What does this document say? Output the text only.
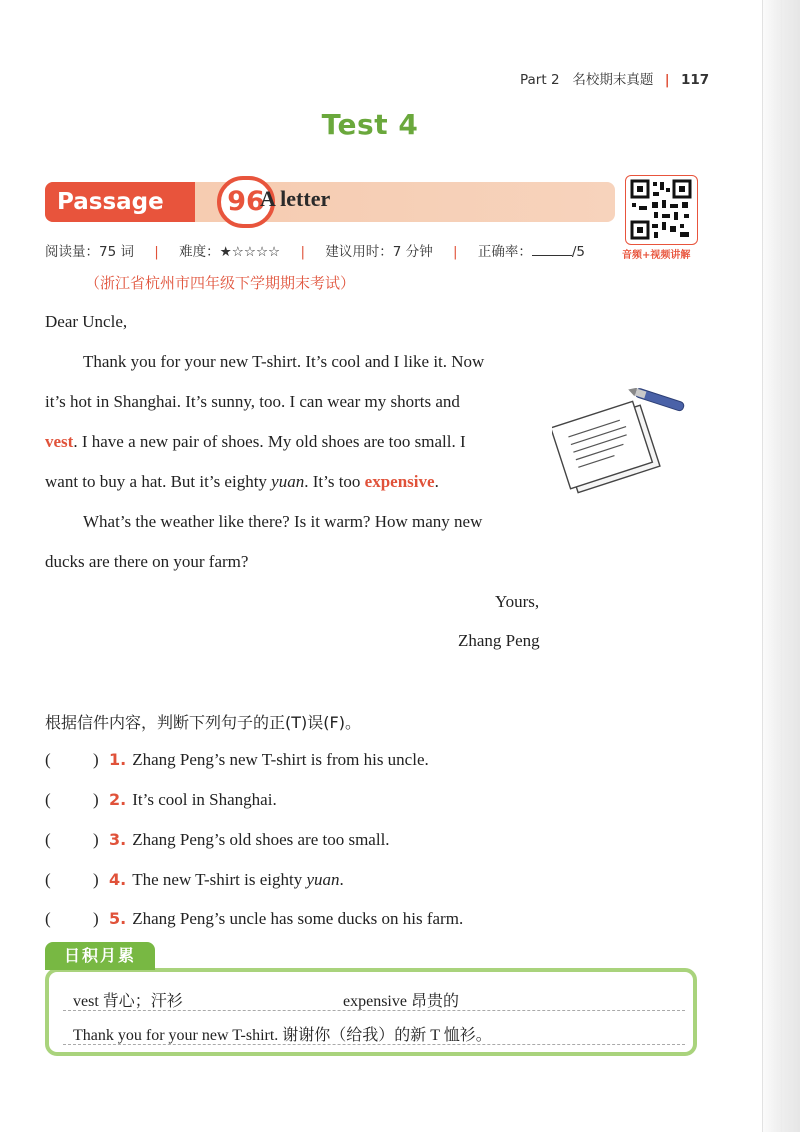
Part 2 名校期末真题 | 117
Test 4
Passage	96
A letter
音频+视频讲解
阅读量：75 词 | 难度：★☆☆☆☆ | 建议用时：7 分钟 | 正确率：	/5
（浙江省杭州市四年级下学期期末考试）
Dear Uncle,
Thank you for your new T-shirt. It’s cool and I like it. Now
it’s hot in Shanghai. It’s sunny, too. I can wear my shorts and
vest. I have a new pair of shoes. My old shoes are too small. I
want to buy a hat. But it’s eighty yuan. It’s too expensive.
What’s the weather like there? Is it warm? How many new
ducks are there on your farm?
Yours,
Zhang Peng
根据信件内容，判断下列句子的正(T)误(F)。
( ) 1. Zhang Peng’s new T-shirt is from his uncle.
( ) 2. It’s cool in Shanghai.
( ) 3. Zhang Peng’s old shoes are too small.
( ) 4. The new T-shirt is eighty yuan.
( ) 5. Zhang Peng’s uncle has some ducks on his farm.
日积月累
vest 背心；汗衫	expensive 昂贵的
Thank you for your new T-shirt. 谢谢你（给我）的新 T 恤衫。
